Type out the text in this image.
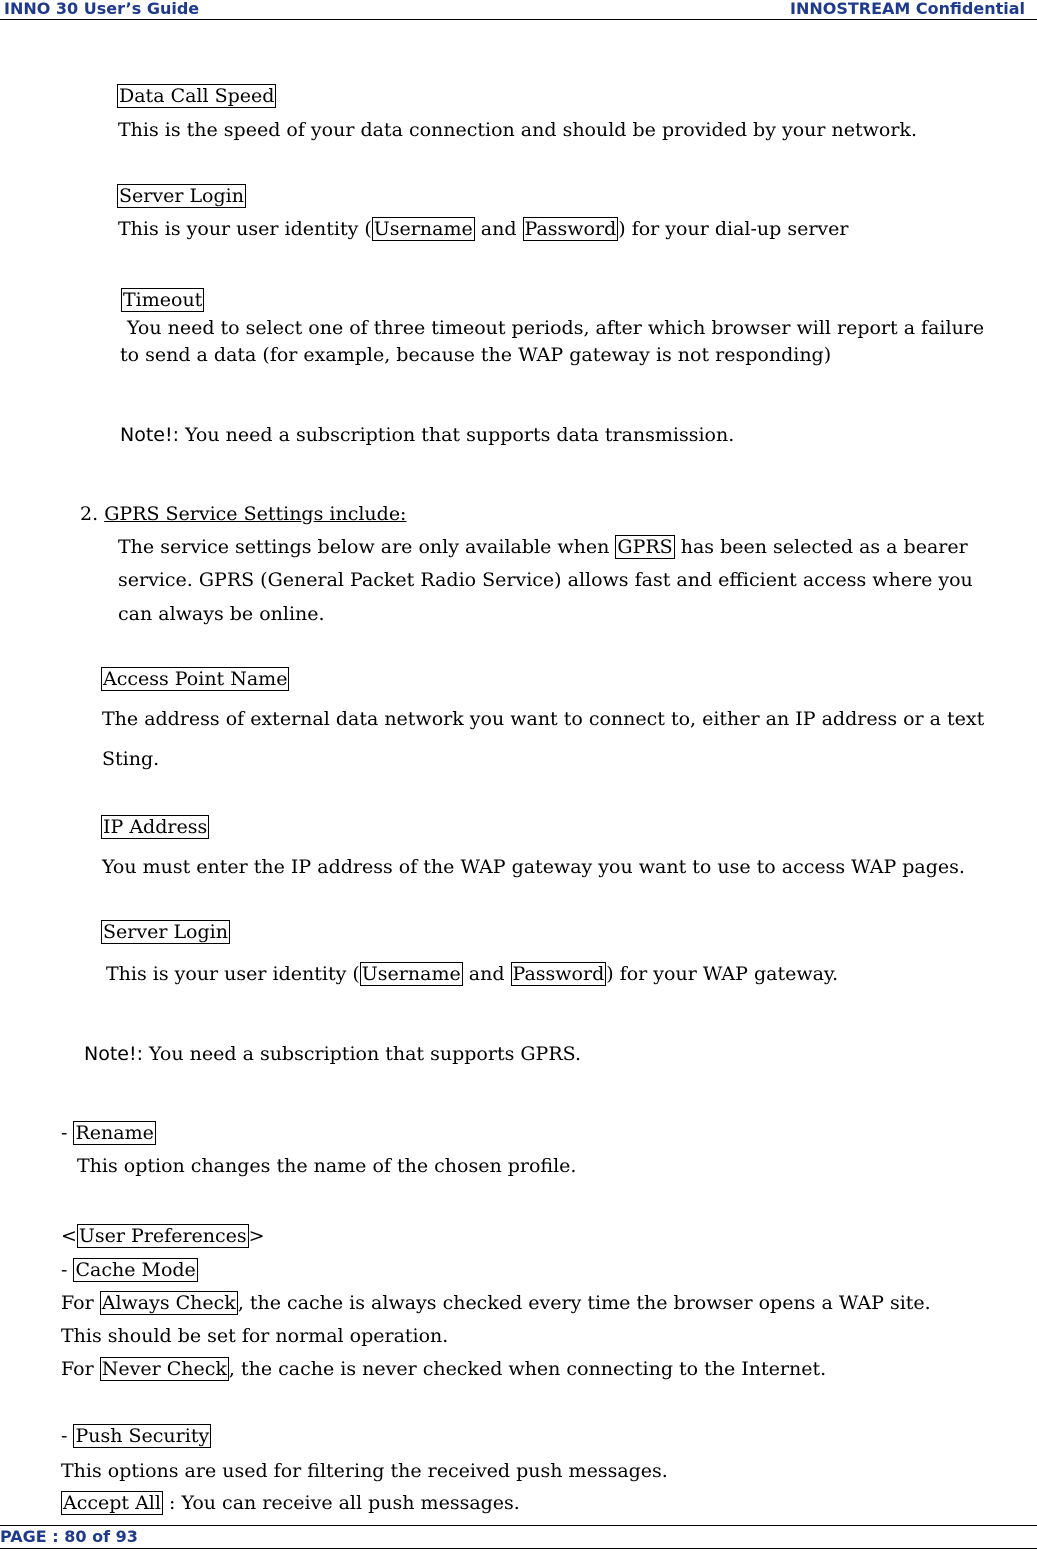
INNO 30 User’s Guide	INNOSTREAM Confidential
Data Call Speed
This is the speed of your data connection and should be provided by your network.
Server Login
This is your user identity ( Username and Password ) for your dial-up server
Timeout
You need to select one of three timeout periods, after which browser will report a failure
to send a data (for example, because the WAP gateway is not responding)
Note!: You need a subscription that supports data transmission.
2. GPRS Service Settings include:
The service settings below are only available when GPRS has been selected as a bearer
service. GPRS (General Packet Radio Service) allows fast and efficient access where you
can always be online.
Access Point Name
The address of external data network you want to connect to, either an IP address or a text
Sting.
IP Address
You must enter the IP address of the WAP gateway you want to use to access WAP pages.
Server Login
This is your user identity ( Username and Password ) for your WAP gateway.
Note!: You need a subscription that supports GPRS.
- Rename
This option changes the name of the chosen profile.
< User Preferences >
- Cache Mode
For Always Check , the cache is always checked every time the browser opens a WAP site.
This should be set for normal operation.
For Never Check , the cache is never checked when connecting to the Internet.
- Push Security
This options are used for filtering the received push messages.
Accept All : You can receive all push messages.
PAGE : 80 of 93
